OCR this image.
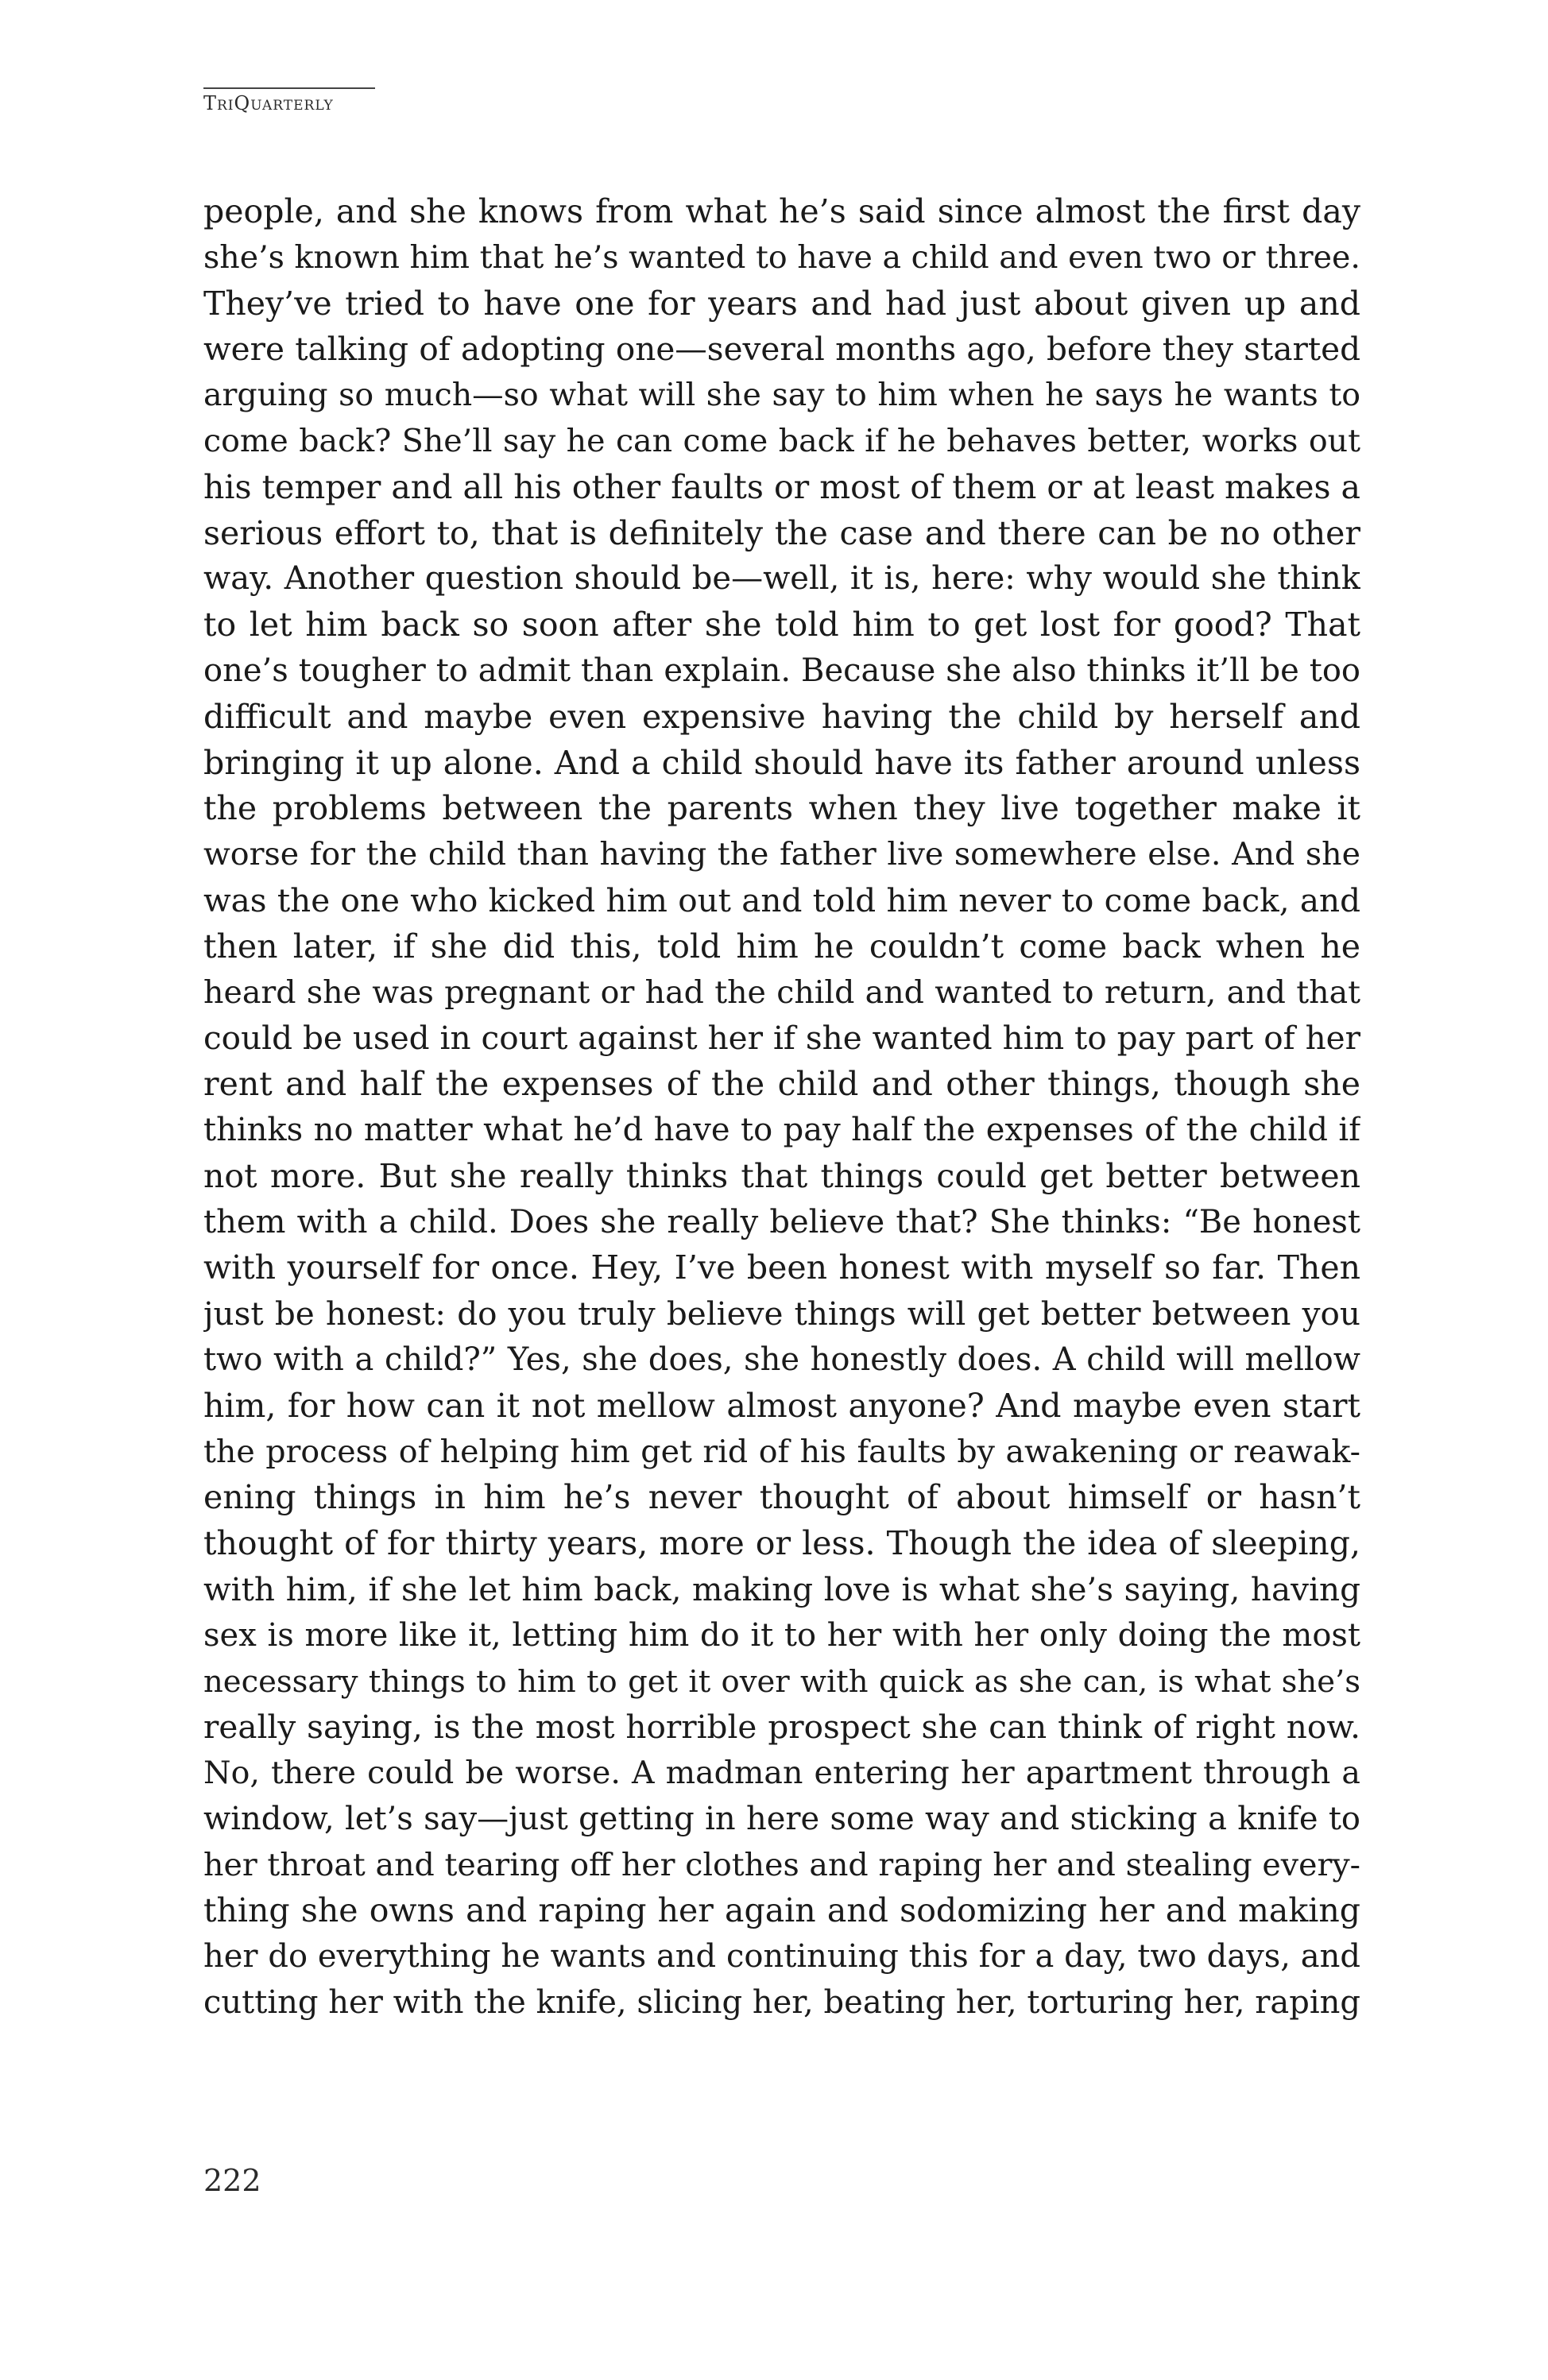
TriQuarterly

people, and she knows from what he’s said since almost the first day
she’s known him that he’s wanted to have a child and even two or three.
They’ve tried to have one for years and had just about given up and
were talking of adopting one—several months ago, before they started
arguing so much—so what will she say to him when he says he wants to
come back? She’ll say he can come back if he behaves better, works out
his temper and all his other faults or most of them or at least makes a
serious effort to, that is definitely the case and there can be no other
way. Another question should be—well, it is, here: why would she think
to let him back so soon after she told him to get lost for good? That
one’s tougher to admit than explain. Because she also thinks it’ll be too
difficult and maybe even expensive having the child by herself and
bringing it up alone. And a child should have its father around unless
the problems between the parents when they live together make it
worse for the child than having the father live somewhere else. And she
was the one who kicked him out and told him never to come back, and
then later, if she did this, told him he couldn’t come back when he
heard she was pregnant or had the child and wanted to return, and that
could be used in court against her if she wanted him to pay part of her
rent and half the expenses of the child and other things, though she
thinks no matter what he’d have to pay half the expenses of the child if
not more. But she really thinks that things could get better between
them with a child. Does she really believe that? She thinks: “Be honest
with yourself for once. Hey, I’ve been honest with myself so far. Then
just be honest: do you truly believe things will get better between you
two with a child?” Yes, she does, she honestly does. A child will mellow
him, for how can it not mellow almost anyone? And maybe even start
the process of helping him get rid of his faults by awakening or reawak-
ening things in him he’s never thought of about himself or hasn’t
thought of for thirty years, more or less. Though the idea of sleeping,
with him, if she let him back, making love is what she’s saying, having
sex is more like it, letting him do it to her with her only doing the most
necessary things to him to get it over with quick as she can, is what she’s
really saying, is the most horrible prospect she can think of right now.
No, there could be worse. A madman entering her apartment through a
window, let’s say—just getting in here some way and sticking a knife to
her throat and tearing off her clothes and raping her and stealing every-
thing she owns and raping her again and sodomizing her and making
her do everything he wants and continuing this for a day, two days, and
cutting her with the knife, slicing her, beating her, torturing her, raping

222
